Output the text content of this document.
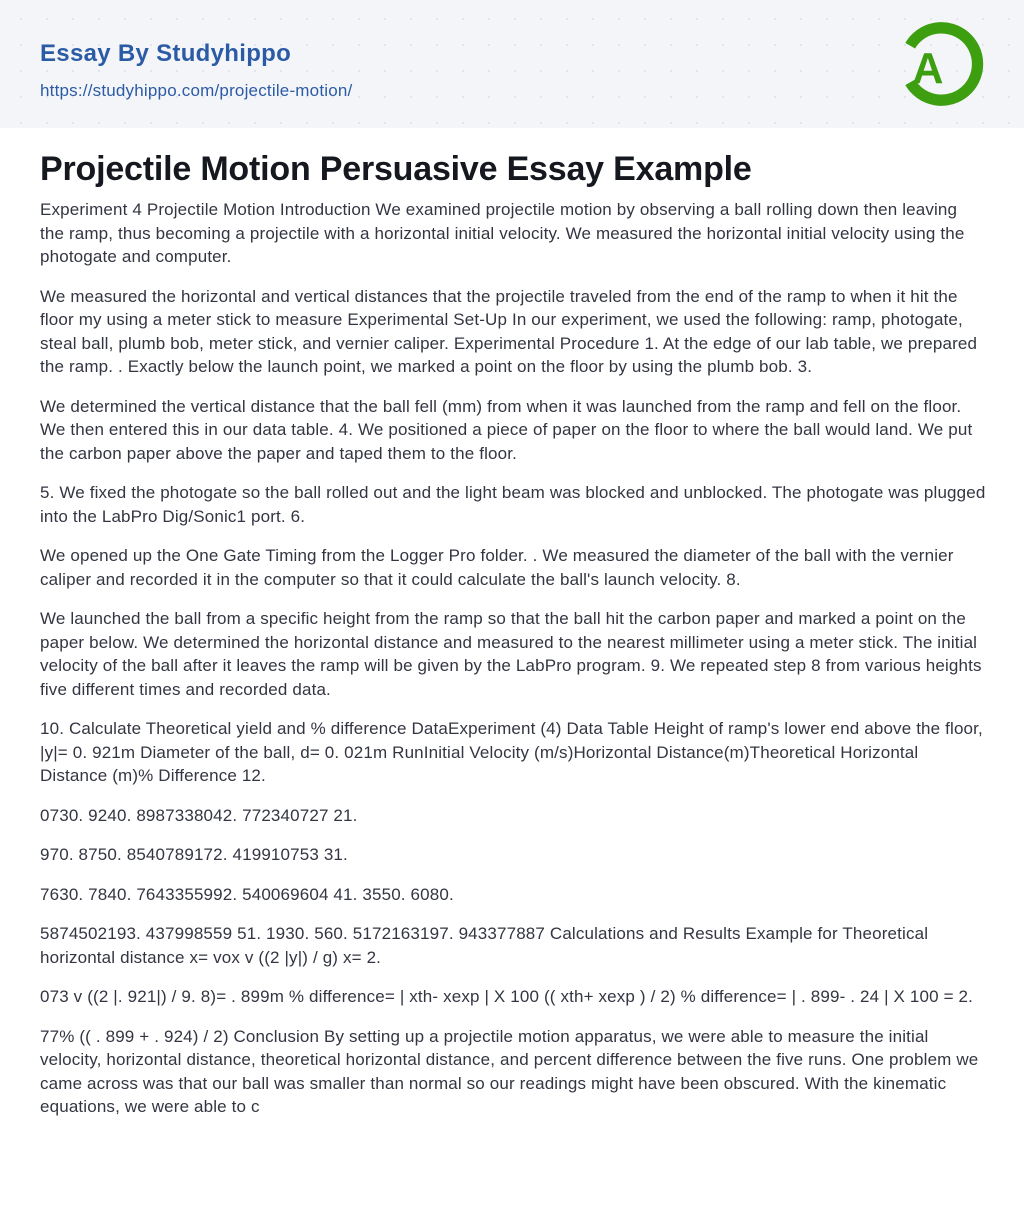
Essay By Studyhippo
https://studyhippo.com/projectile-motion/	A
Projectile Motion Persuasive Essay Example

Experiment 4 Projectile Motion Introduction We examined projectile motion by observing a ball rolling down then leaving the ramp, thus becoming a projectile with a horizontal initial velocity. We measured the horizontal initial velocity using the photogate and computer.

We measured the horizontal and vertical distances that the projectile traveled from the end of the ramp to when it hit the floor my using a meter stick to measure Experimental Set-Up In our experiment, we used the following: ramp, photogate, steal ball, plumb bob, meter stick, and vernier caliper. Experimental Procedure 1. At the edge of our lab table, we prepared the ramp. . Exactly below the launch point, we marked a point on the floor by using the plumb bob. 3.

We determined the vertical distance that the ball fell (mm) from when it was launched from the ramp and fell on the floor. We then entered this in our data table. 4. We positioned a piece of paper on the floor to where the ball would land. We put the carbon paper above the paper and taped them to the floor.

5. We fixed the photogate so the ball rolled out and the light beam was blocked and unblocked. The photogate was plugged into the LabPro Dig/Sonic1 port. 6.

We opened up the One Gate Timing from the Logger Pro folder. . We measured the diameter of the ball with the vernier caliper and recorded it in the computer so that it could calculate the ball's launch velocity. 8.

We launched the ball from a specific height from the ramp so that the ball hit the carbon paper and marked a point on the paper below. We determined the horizontal distance and measured to the nearest millimeter using a meter stick. The initial velocity of the ball after it leaves the ramp will be given by the LabPro program. 9. We repeated step 8 from various heights five different times and recorded data.

10. Calculate Theoretical yield and % difference DataExperiment (4) Data Table Height of ramp's lower end above the floor, |y|= 0. 921m Diameter of the ball, d= 0. 021m RunInitial Velocity (m/s)Horizontal Distance(m)Theoretical Horizontal Distance (m)% Difference 12.

0730. 9240. 8987338042. 772340727 21.

970. 8750. 8540789172. 419910753 31.

7630. 7840. 7643355992. 540069604 41. 3550. 6080.

5874502193. 437998559 51. 1930. 560. 5172163197. 943377887 Calculations and Results Example for Theoretical horizontal distance x= vox v ((2 |y|) / g) x= 2.

073 v ((2 |. 921|) / 9. 8)= . 899m % difference= | xth- xexp | X 100 (( xth+ xexp ) / 2) % difference= | . 899- . 24 | X 100 = 2.

77% (( . 899 + . 924) / 2) Conclusion By setting up a projectile motion apparatus, we were able to measure the initial velocity, horizontal distance, theoretical horizontal distance, and percent difference between the five runs. One problem we came across was that our ball was smaller than normal so our readings might have been obscured. With the kinematic equations, we were able to c
